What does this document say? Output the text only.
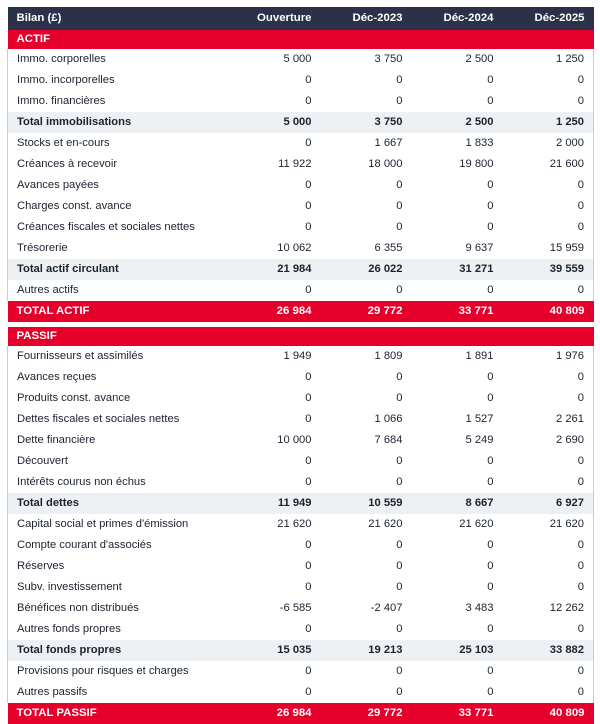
Bilan (£)	Ouverture	Déc-2023	Déc-2024	Déc-2025
ACTIF				
Immo. corporelles	5 000	3 750	2 500	1 250
Immo. incorporelles	0	0	0	0
Immo. financières	0	0	0	0
Total immobilisations	5 000	3 750	2 500	1 250
Stocks et en-cours	0	1 667	1 833	2 000
Créances à recevoir	11 922	18 000	19 800	21 600
Avances payées	0	0	0	0
Charges const. avance	0	0	0	0
Créances fiscales et sociales nettes	0	0	0	0
Trésorerie	10 062	6 355	9 637	15 959
Total actif circulant	21 984	26 022	31 271	39 559
Autres actifs	0	0	0	0
TOTAL ACTIF	26 984	29 772	33 771	40 809

PASSIF				
Fournisseurs et assimilés	1 949	1 809	1 891	1 976
Avances reçues	0	0	0	0
Produits const. avance	0	0	0	0
Dettes fiscales et sociales nettes	0	1 066	1 527	2 261
Dette financière	10 000	7 684	5 249	2 690
Découvert	0	0	0	0
Intérêts courus non échus	0	0	0	0
Total dettes	11 949	10 559	8 667	6 927
Capital social et primes d'émission	21 620	21 620	21 620	21 620
Compte courant d'associés	0	0	0	0
Réserves	0	0	0	0
Subv. investissement	0	0	0	0
Bénéfices non distribués	-6 585	-2 407	3 483	12 262
Autres fonds propres	0	0	0	0
Total fonds propres	15 035	19 213	25 103	33 882
Provisions pour risques et charges	0	0	0	0
Autres passifs	0	0	0	0
TOTAL PASSIF	26 984	29 772	33 771	40 809
